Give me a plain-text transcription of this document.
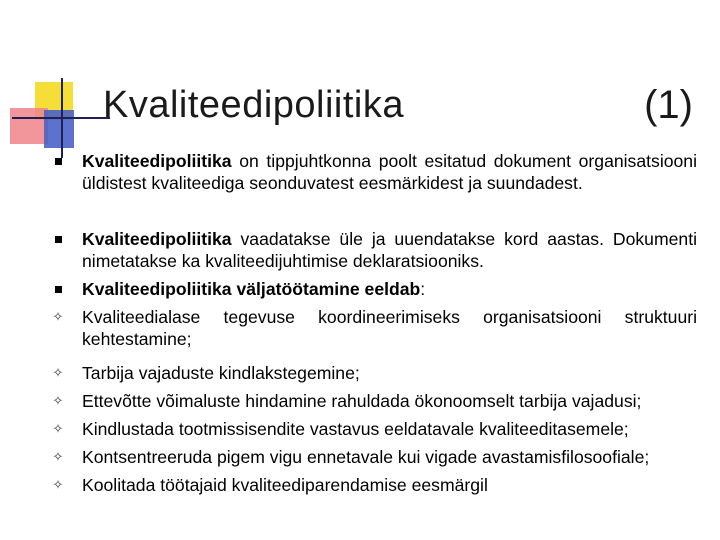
Kvaliteedipoliitika	(1)
Kvaliteedipoliitika on tippjuhtkonna poolt esitatud dokument organisatsiooni üldistest kvaliteediga seonduvatest eesmärkidest ja suundadest.
Kvaliteedipoliitika vaadatakse üle ja uuendatakse kord aastas. Dokumenti nimetatakse ka kvaliteedijuhtimise deklaratsiooniks.
Kvaliteedipoliitika väljatöötamine eeldab:
✧ Kvaliteedialase tegevuse koordineerimiseks organisatsiooni struktuuri kehtestamine;
✧ Tarbija vajaduste kindlakstegemine;
✧ Ettevõtte võimaluste hindamine rahuldada ökonoomselt tarbija vajadusi;
✧ Kindlustada tootmissisendite vastavus eeldatavale kvaliteeditasemele;
✧ Kontsentreeruda pigem vigu ennetavale kui vigade avastamisfilosoofiale;
✧ Koolitada töötajaid kvaliteediparendamise eesmärgil
